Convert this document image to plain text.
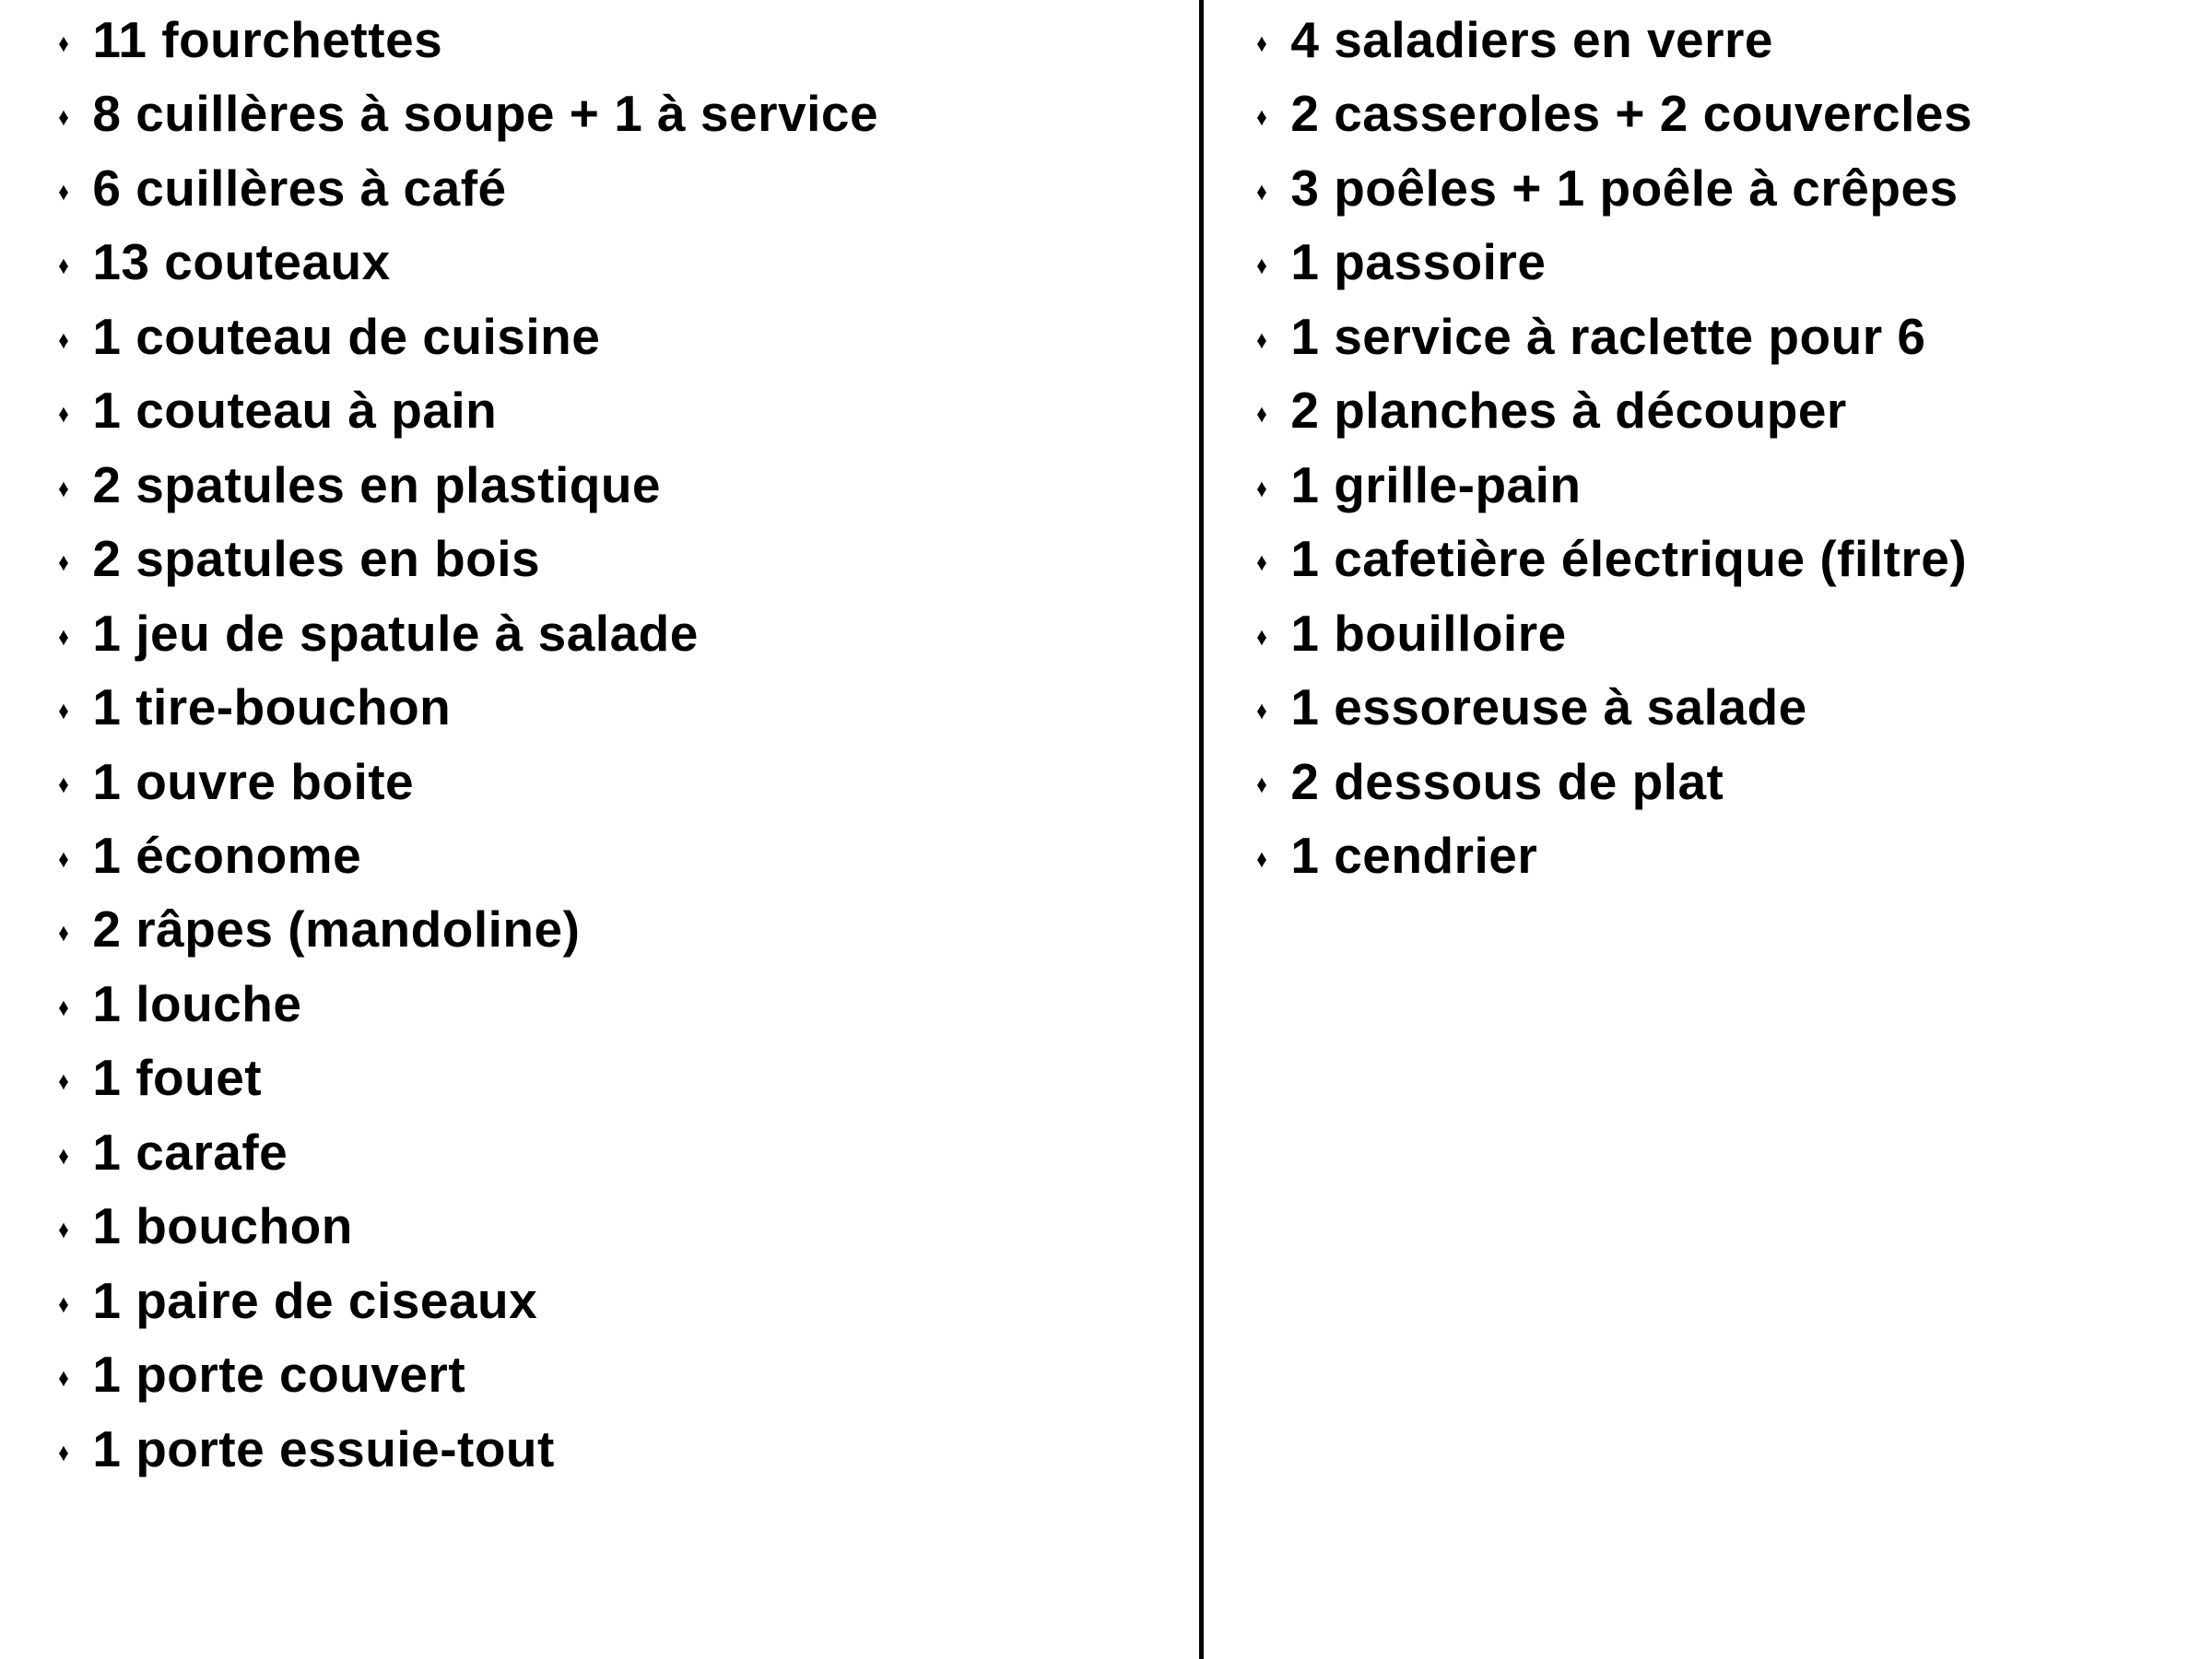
♦ 11 fourchettes
♦ 8 cuillères à soupe + 1 à service
♦ 6 cuillères à café
♦ 13 couteaux
♦ 1 couteau de cuisine
♦ 1 couteau à pain
♦ 2 spatules en plastique
♦ 2 spatules en bois
♦ 1 jeu de spatule à salade
♦ 1 tire-bouchon
♦ 1 ouvre boite
♦ 1 économe
♦ 2 râpes (mandoline)
♦ 1 louche
♦ 1 fouet
♦ 1 carafe
♦ 1 bouchon
♦ 1 paire de ciseaux
♦ 1 porte couvert
♦ 1 porte essuie-tout
♦ 4 saladiers en verre
♦ 2 casseroles + 2 couvercles
♦ 3 poêles + 1 poêle à crêpes
♦ 1 passoire
♦ 1 service à raclette pour 6
♦ 2 planches à découper
♦ 1 grille-pain
♦ 1 cafetière électrique (filtre)
♦ 1 bouilloire
♦ 1 essoreuse à salade
♦ 2 dessous de plat
♦ 1 cendrier
